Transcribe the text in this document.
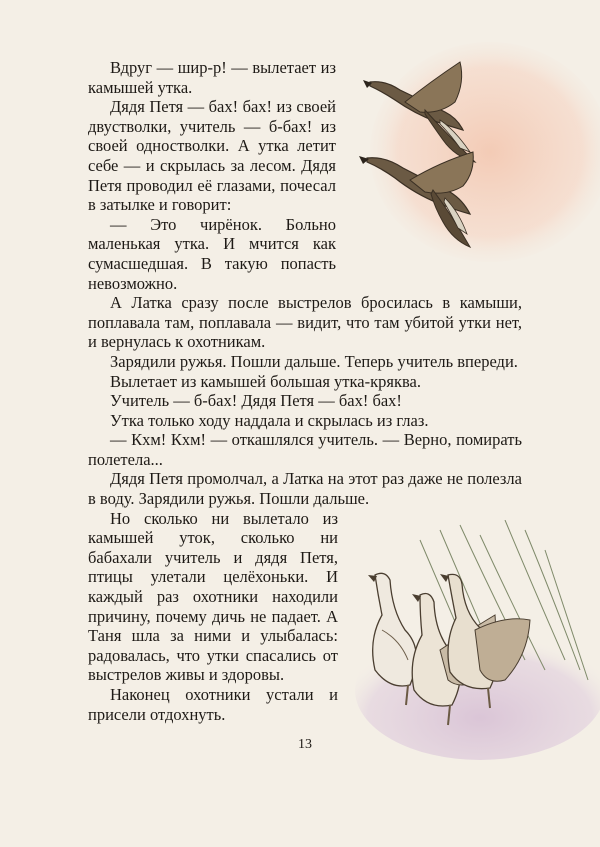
Вдруг — шир-р! — вылетает из камышей утка.

Дядя Петя — бах! бах! из своей двустволки, учитель — б-бах! из своей одностволки. А утка летит себе — и скрылась за лесом. Дядя Петя проводил её глазами, почесал в затылке и говорит:

— Это чирёнок. Больно маленькая утка. И мчится как сумасшедшая. В такую попасть невозможно.

А Латка сразу после выстрелов бросилась в камыши, поплавала там, поплавала — видит, что там убитой утки нет, и вернулась к охотникам.

Зарядили ружья. Пошли дальше. Теперь учитель впереди.

Вылетает из камышей большая утка-кряква.

Учитель — б-бах! Дядя Петя — бах! бах!

Утка только ходу наддала и скрылась из глаз.

— Кхм! Кхм! — откашлялся учитель. — Верно, помирать полетела...

Дядя Петя промолчал, а Латка на этот раз даже не полезла в воду. Зарядили ружья. Пошли дальше.

Но сколько ни вылетало из камышей уток, сколько ни бабахали учитель и дядя Петя, птицы улетали целёхоньки. И каждый раз охотники находили причину, почему дичь не падает. А Таня шла за ними и улыбалась: радовалась, что утки спасались от выстрелов живы и здоровы.

Наконец охотники устали и присели отдохнуть.

13
